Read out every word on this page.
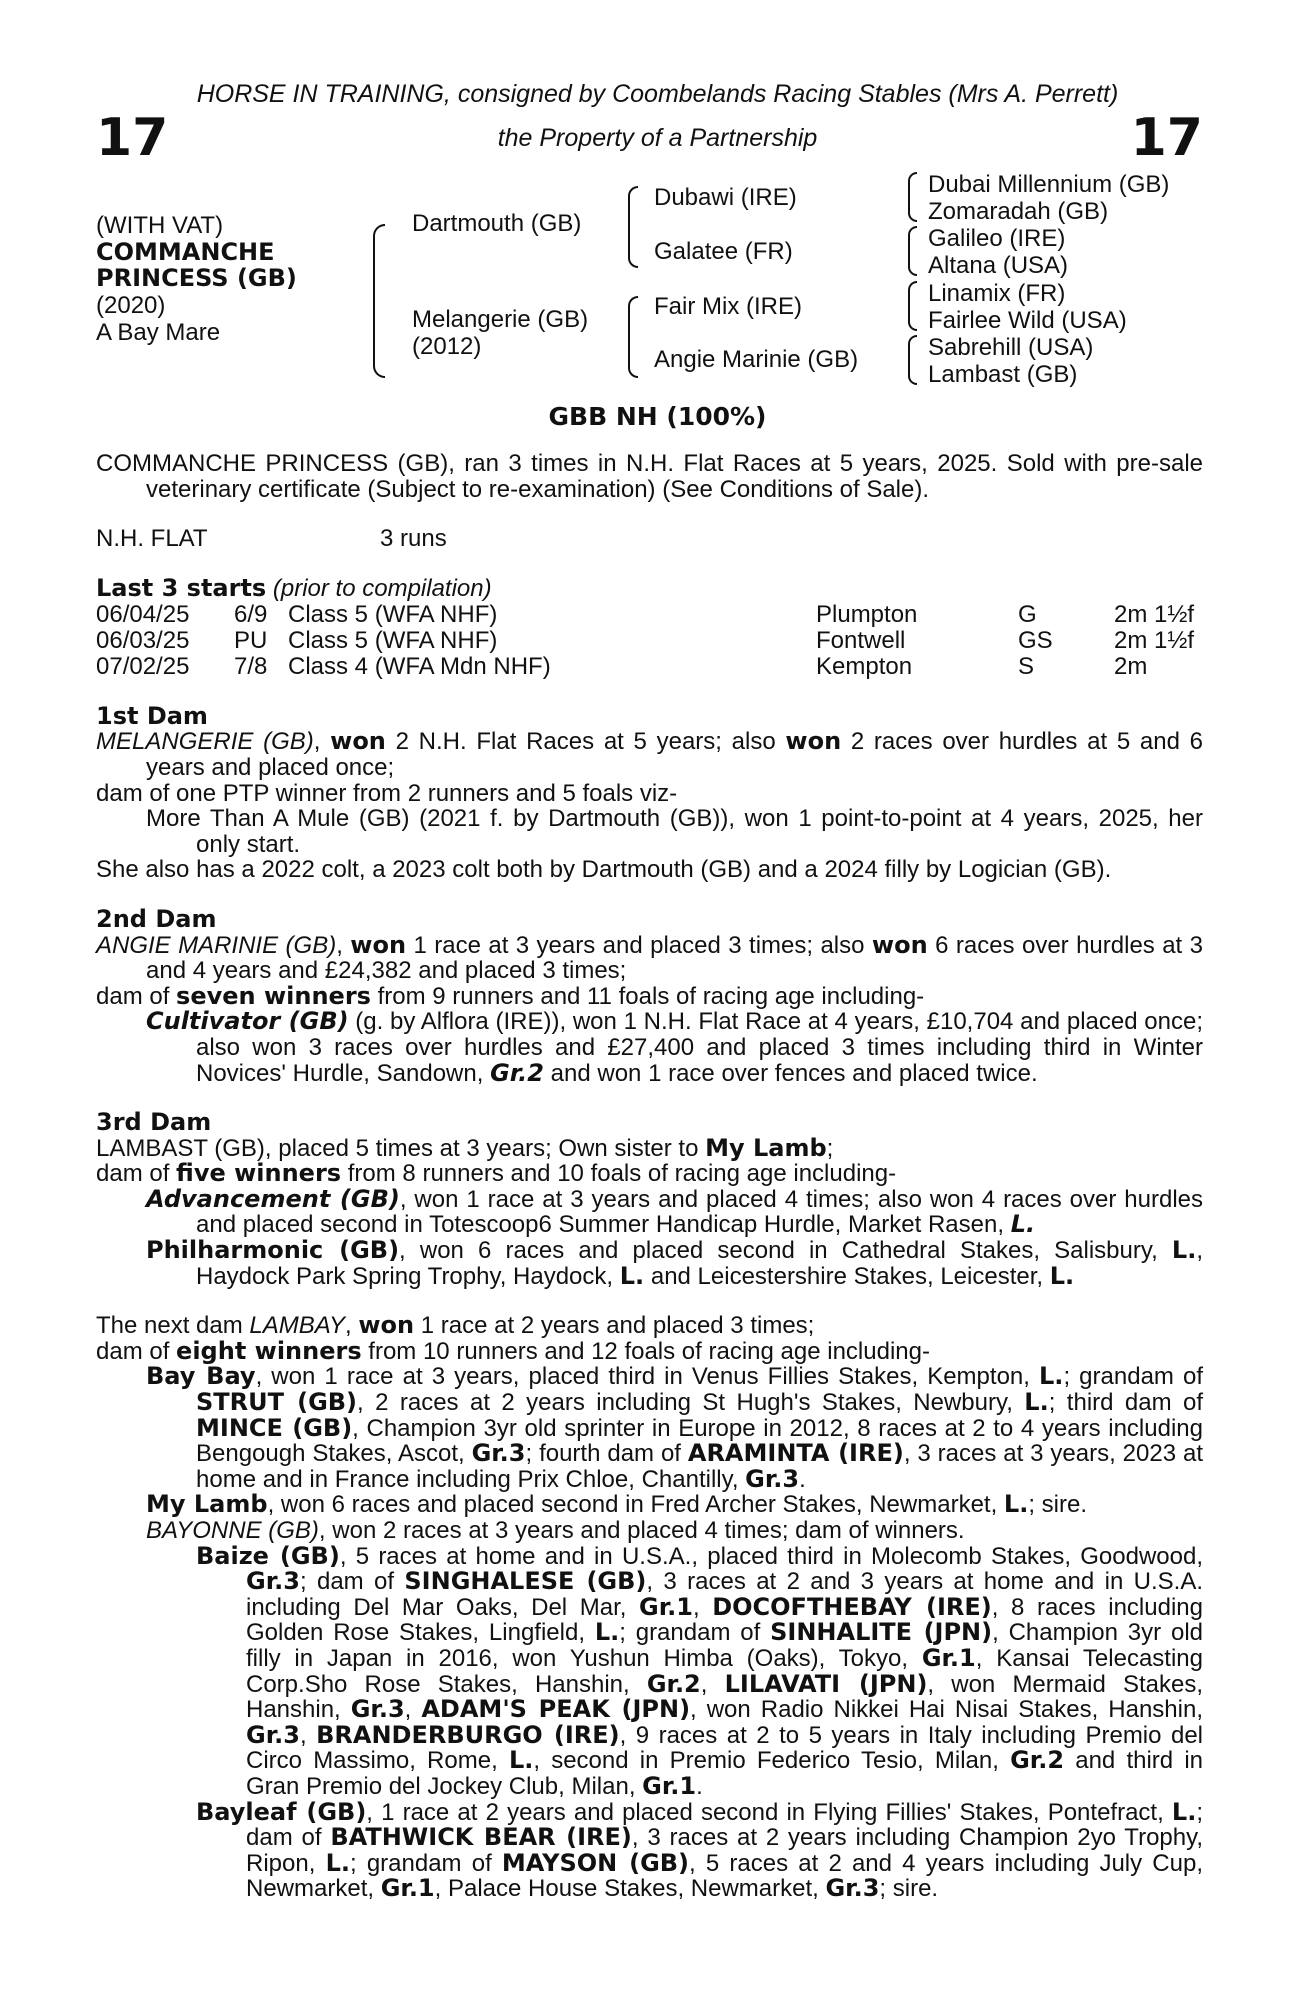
HORSE IN TRAINING, consigned by Coombelands Racing Stables (Mrs A. Perrett)
17	the Property of a Partnership	17
(WITH VAT)
COMMANCHE
PRINCESS (GB)
(2020)
A Bay Mare
Dartmouth (GB)
Melangerie (GB)
(2012)
Dubawi (IRE)
Galatee (FR)
Fair Mix (IRE)
Angie Marinie (GB)
Dubai Millennium (GB)
Zomaradah (GB)
Galileo (IRE)
Altana (USA)
Linamix (FR)
Fairlee Wild (USA)
Sabrehill (USA)
Lambast (GB)
GBB NH (100%)

COMMANCHE PRINCESS (GB), ran 3 times in N.H. Flat Races at 5 years, 2025. Sold with pre-sale veterinary certificate (Subject to re-examination) (See Conditions of Sale).

N.H. FLAT	3 runs

Last 3 starts (prior to compilation)

06/04/25 6/9 Class 5 (WFA NHF)	Plumpton	G	2m 1½f
06/03/25 PU Class 5 (WFA NHF)	Fontwell	GS	2m 1½f
07/02/25 7/8 Class 4 (WFA Mdn NHF)	Kempton	S	2m

1st Dam

MELANGERIE (GB), won 2 N.H. Flat Races at 5 years; also won 2 races over hurdles at 5 and 6 years and placed once;

dam of one PTP winner from 2 runners and 5 foals viz-

More Than A Mule (GB) (2021 f. by Dartmouth (GB)), won 1 point-to-point at 4 years, 2025, her only start.

She also has a 2022 colt, a 2023 colt both by Dartmouth (GB) and a 2024 filly by Logician (GB).

2nd Dam

ANGIE MARINIE (GB), won 1 race at 3 years and placed 3 times; also won 6 races over hurdles at 3 and 4 years and £24,382 and placed 3 times;

dam of seven winners from 9 runners and 11 foals of racing age including-

Cultivator (GB) (g. by Alflora (IRE)), won 1 N.H. Flat Race at 4 years, £10,704 and placed once; also won 3 races over hurdles and £27,400 and placed 3 times including third in Winter Novices' Hurdle, Sandown, Gr.2 and won 1 race over fences and placed twice.

3rd Dam

LAMBAST (GB), placed 5 times at 3 years; Own sister to My Lamb;

dam of five winners from 8 runners and 10 foals of racing age including-

Advancement (GB), won 1 race at 3 years and placed 4 times; also won 4 races over hurdles and placed second in Totescoop6 Summer Handicap Hurdle, Market Rasen, L.

Philharmonic (GB), won 6 races and placed second in Cathedral Stakes, Salisbury, L., Haydock Park Spring Trophy, Haydock, L. and Leicestershire Stakes, Leicester, L.

The next dam LAMBAY, won 1 race at 2 years and placed 3 times;

dam of eight winners from 10 runners and 12 foals of racing age including-

Bay Bay, won 1 race at 3 years, placed third in Venus Fillies Stakes, Kempton, L.; grandam of STRUT (GB), 2 races at 2 years including St Hugh's Stakes, Newbury, L.; third dam of MINCE (GB), Champion 3yr old sprinter in Europe in 2012, 8 races at 2 to 4 years including Bengough Stakes, Ascot, Gr.3; fourth dam of ARAMINTA (IRE), 3 races at 3 years, 2023 at home and in France including Prix Chloe, Chantilly, Gr.3.

My Lamb, won 6 races and placed second in Fred Archer Stakes, Newmarket, L.; sire.

BAYONNE (GB), won 2 races at 3 years and placed 4 times; dam of winners.

Baize (GB), 5 races at home and in U.S.A., placed third in Molecomb Stakes, Goodwood, Gr.3; dam of SINGHALESE (GB), 3 races at 2 and 3 years at home and in U.S.A. including Del Mar Oaks, Del Mar, Gr.1, DOCOFTHEBAY (IRE), 8 races including Golden Rose Stakes, Lingfield, L.; grandam of SINHALITE (JPN), Champion 3yr old filly in Japan in 2016, won Yushun Himba (Oaks), Tokyo, Gr.1, Kansai Telecasting Corp.Sho Rose Stakes, Hanshin, Gr.2, LILAVATI (JPN), won Mermaid Stakes, Hanshin, Gr.3, ADAM'S PEAK (JPN), won Radio Nikkei Hai Nisai Stakes, Hanshin, Gr.3, BRANDERBURGO (IRE), 9 races at 2 to 5 years in Italy including Premio del Circo Massimo, Rome, L., second in Premio Federico Tesio, Milan, Gr.2 and third in Gran Premio del Jockey Club, Milan, Gr.1.

Bayleaf (GB), 1 race at 2 years and placed second in Flying Fillies' Stakes, Pontefract, L.; dam of BATHWICK BEAR (IRE), 3 races at 2 years including Champion 2yo Trophy, Ripon, L.; grandam of MAYSON (GB), 5 races at 2 and 4 years including July Cup, Newmarket, Gr.1, Palace House Stakes, Newmarket, Gr.3; sire.
